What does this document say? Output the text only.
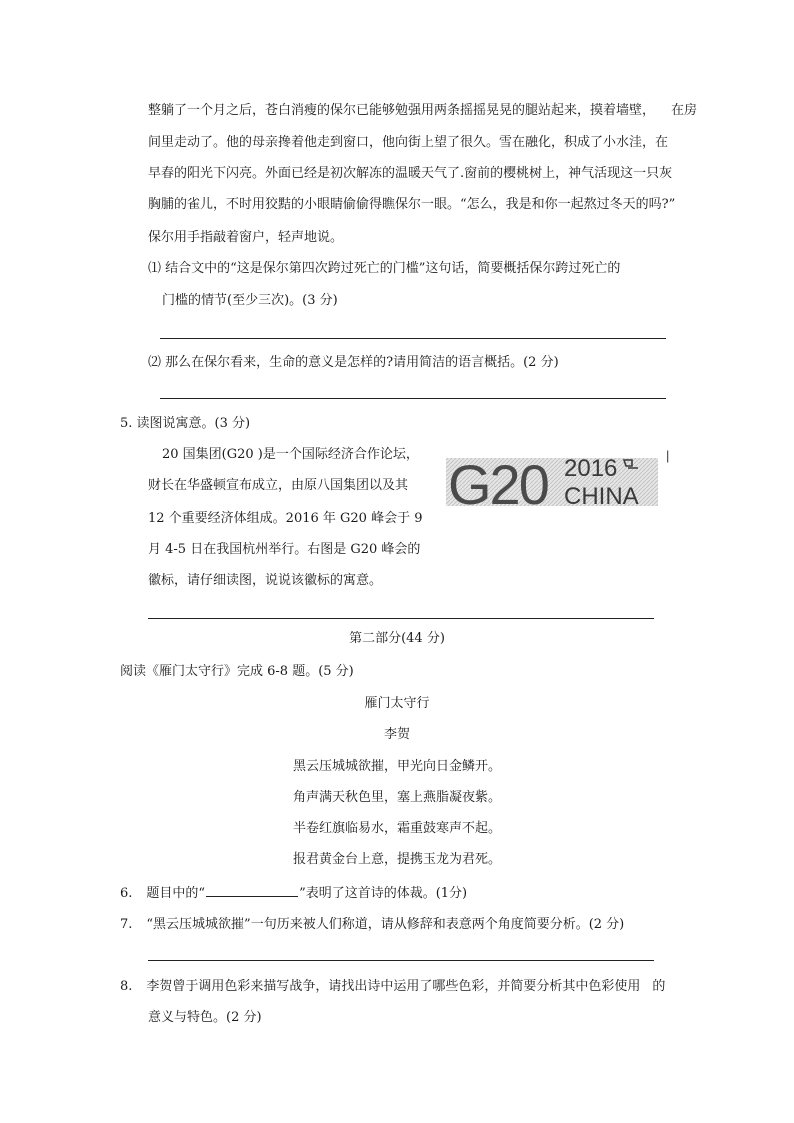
整躺了一个月之后，苍白消瘦的保尔已能够勉强用两条摇摇晃晃的腿站起来，摸着墙壁， 在房
间里走动了。他的母亲搀着他走到窗口，他向街上望了很久。雪在融化，积成了小水洼，在
早春的阳光下闪亮。外面已经是初次解冻的温暖天气了.窗前的樱桃树上，神气活现这一只灰
胸脯的雀儿，不时用狡黠的小眼睛偷偷得瞧保尔一眼。“怎么，我是和你一起熬过冬天的吗?”
保尔用手指敲着窗户，轻声地说。
⑴ 结合文中的“这是保尔第四次跨过死亡的门槛”这句话，简要概括保尔跨过死亡的
门槛的情节(至少三次)。(3 分)
⑵ 那么在保尔看来，生命的意义是怎样的?请用简洁的语言概括。(2 分)
5. 读图说寓意。(3 分)
20 国集团(G20 )是一个国际经济合作论坛，
财长在华盛顿宣布成立，由原八国集团以及其
12 个重要经济体组成。2016 年 G20 峰会于 9
月 4-5 日在我国杭州举行。右图是 G20 峰会的
徽标，请仔细读图，说说该徽标的寓意。
G20 2016
CHINA
|
第二部分(44 分)
阅读《雁门太守行》完成 6-8 题。(5 分)
雁门太守行
李贺
黑云压城城欲摧，甲光向日金鳞开。
角声满天秋色里，塞上燕脂凝夜紫。
半卷红旗临易水，霜重鼓寒声不起。
报君黄金台上意，提携玉龙为君死。
6. 题目中的“	”表明了这首诗的体裁。(1分)
7. “黑云压城城欲摧”一句历来被人们称道，请从修辞和表意两个角度简要分析。(2 分)
8. 李贺曾于调用色彩来描写战争，请找出诗中运用了哪些色彩，并简要分析其中色彩使用 的
意义与特色。(2 分)
